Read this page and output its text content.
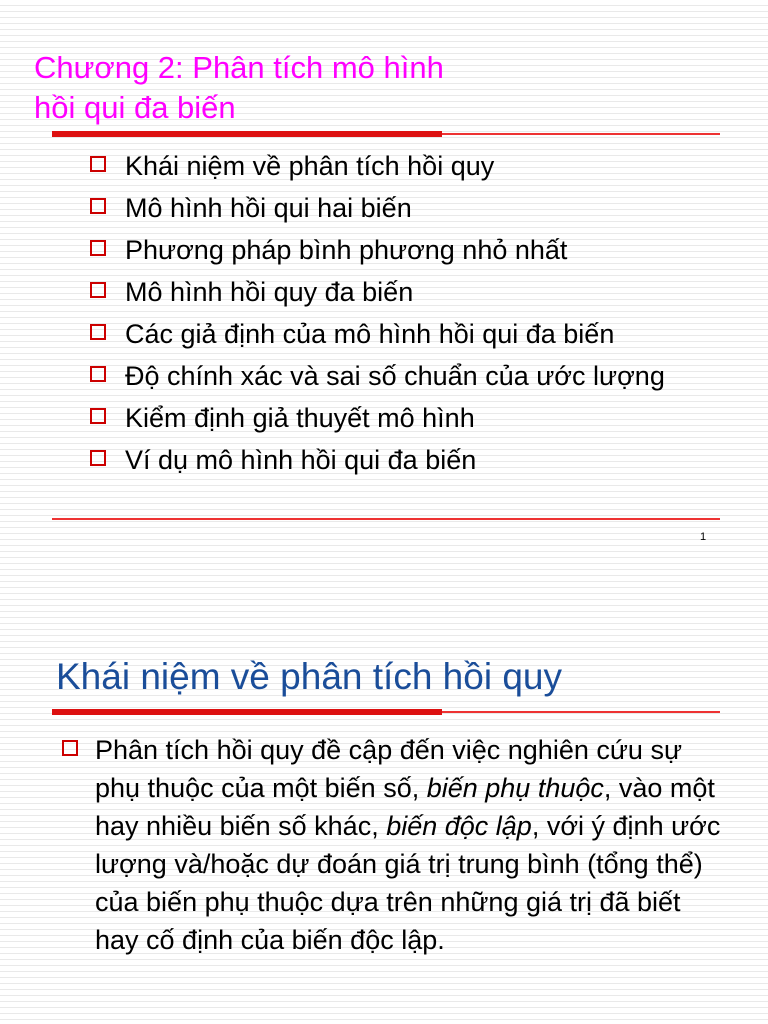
Chương 2: Phân tích mô hình
hồi qui đa biến
Khái niệm về phân tích hồi quy
Mô hình hồi qui hai biến
Phương pháp bình phương nhỏ nhất
Mô hình hồi quy đa biến
Các giả định của mô hình hồi qui đa biến
Độ chính xác và sai số chuẩn của ước lượng
Kiểm định giả thuyết mô hình
Ví dụ mô hình hồi qui đa biến
1
Khái niệm về phân tích hồi quy
Phân tích hồi quy đề cập đến việc nghiên cứu sự phụ thuộc của một biến số, biến phụ thuộc, vào một hay nhiều biến số khác, biến độc lập, với ý định ước lượng và/hoặc dự đoán giá trị trung bình (tổng thể) của biến phụ thuộc dựa trên những giá trị đã biết hay cố định của biến độc lập.
